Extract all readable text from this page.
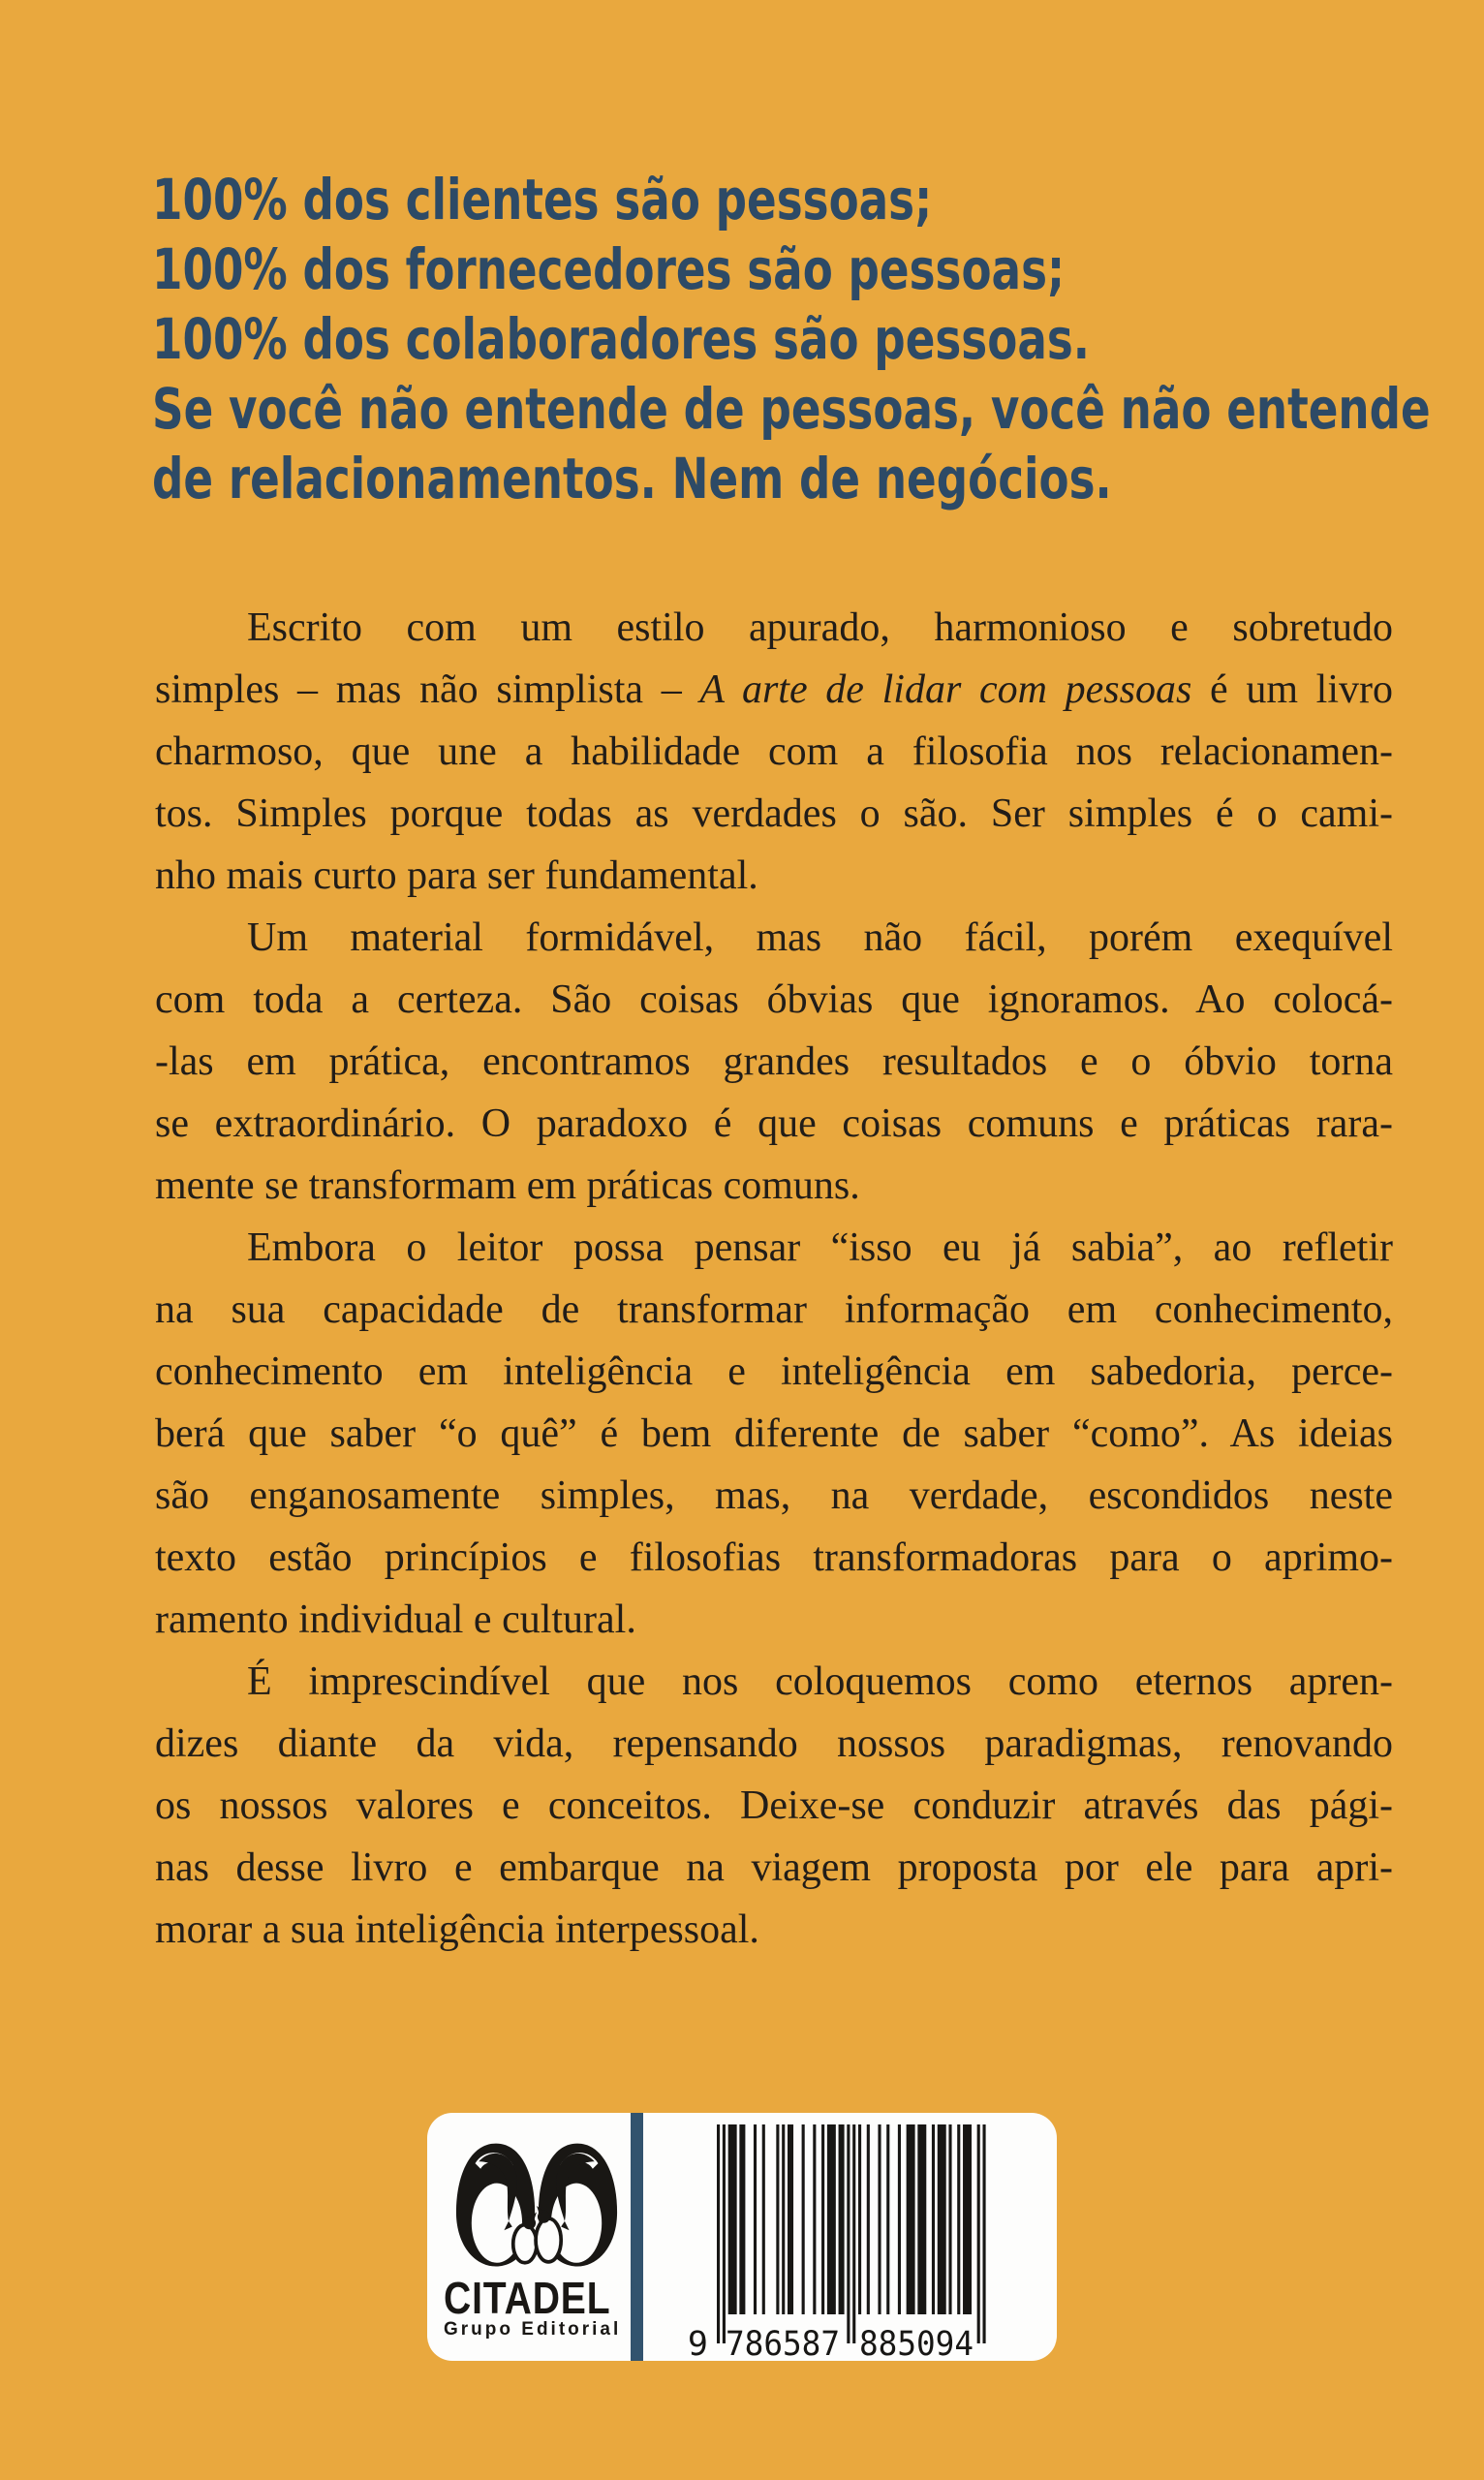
100% dos clientes são pessoas;
100% dos fornecedores são pessoas;
100% dos colaboradores são pessoas.
Se você não entende de pessoas, você não entende
de relacionamentos. Nem de negócios.
Escrito com um estilo apurado, harmonioso e sobretudo
simples – mas não simplista – A arte de lidar com pessoas é um livro
charmoso, que une a habilidade com a filosofia nos relacionamen-
tos. Simples porque todas as verdades o são. Ser simples é o cami-
nho mais curto para ser fundamental.
Um material formidável, mas não fácil, porém exequível
com toda a certeza. São coisas óbvias que ignoramos. Ao colocá-
-las em prática, encontramos grandes resultados e o óbvio torna
se extraordinário. O paradoxo é que coisas comuns e práticas rara-
mente se transformam em práticas comuns.
Embora o leitor possa pensar “isso eu já sabia”, ao refletir
na sua capacidade de transformar informação em conhecimento,
conhecimento em inteligência e inteligência em sabedoria, perce-
berá que saber “o quê” é bem diferente de saber “como”. As ideias
são enganosamente simples, mas, na verdade, escondidos neste
texto estão princípios e filosofias transformadoras para o aprimo-
ramento individual e cultural.
É imprescindível que nos coloquemos como eternos apren-
dizes diante da vida, repensando nossos paradigmas, renovando
os nossos valores e conceitos. Deixe-se conduzir através das pági-
nas desse livro e embarque na viagem proposta por ele para apri-
morar a sua inteligência interpessoal.
CITADEL
Grupo Editorial 9 786587 885094
